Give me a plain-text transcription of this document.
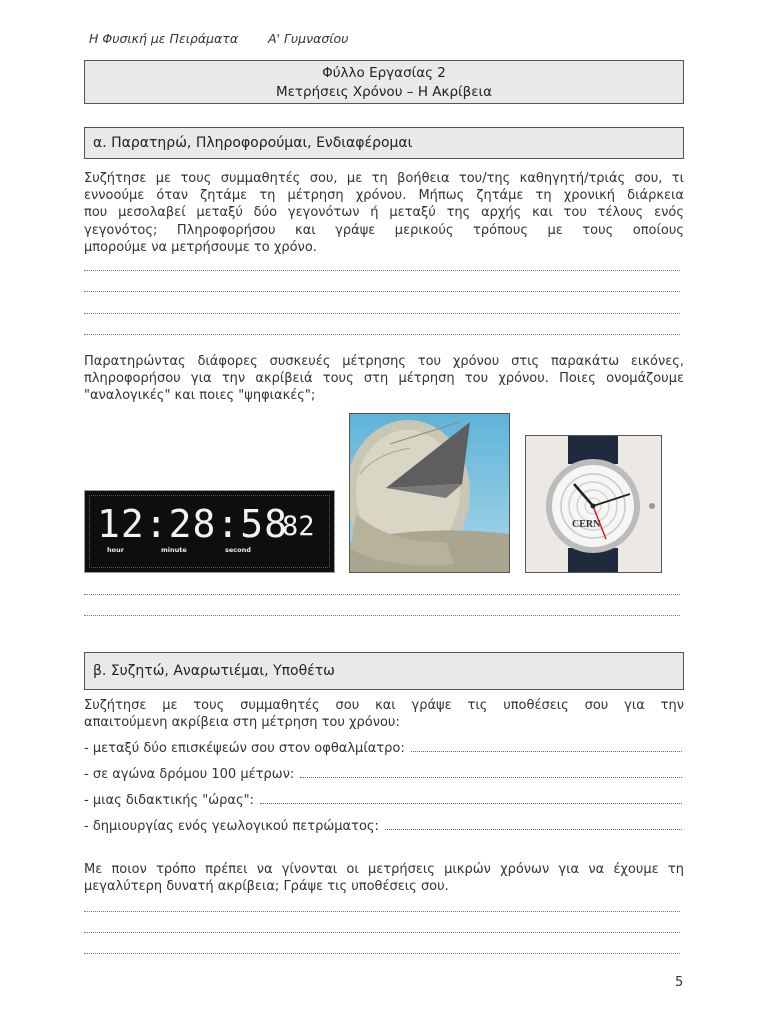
Η Φυσική με Πειράματα Α' Γυμνασίου
Φύλλο Εργασίας 2
Μετρήσεις Χρόνου – Η Ακρίβεια
α. Παρατηρώ, Πληροφορούμαι, Ενδιαφέρομαι
Συζήτησε με τους συμμαθητές σου, με τη βοήθεια του/της καθηγητή/τριάς σου, τι
εννοούμε όταν ζητάμε τη μέτρηση χρόνου. Μήπως ζητάμε τη χρονική διάρκεια
που μεσολαβεί μεταξύ δύο γεγονότων ή μεταξύ της αρχής και του τέλους ενός
γεγονότος; Πληροφορήσου και γράψε μερικούς τρόπους με τους οποίους
μπορούμε να μετρήσουμε το χρόνο.
Παρατηρώντας διάφορες συσκευές μέτρησης του χρόνου στις παρακάτω εικόνες,
πληροφορήσου για την ακρίβειά τους στη μέτρηση του χρόνου. Ποιες ονομάζουμε
"αναλογικές" και ποιες "ψηφιακές";
12:28:58
82
hour	minute	second
CERN
β. Συζητώ, Αναρωτιέμαι, Υποθέτω
Συζήτησε με τους συμμαθητές σου και γράψε τις υποθέσεις σου για την
απαιτούμενη ακρίβεια στη μέτρηση του χρόνου:
- μεταξύ δύο επισκέψεών σου στον οφθαλμίατρο:
- σε αγώνα δρόμου 100 μέτρων:
- μιας διδακτικής "ώρας":
- δημιουργίας ενός γεωλογικού πετρώματος:
Με ποιον τρόπο πρέπει να γίνονται οι μετρήσεις μικρών χρόνων για να έχουμε τη
μεγαλύτερη δυνατή ακρίβεια; Γράψε τις υποθέσεις σου.
5
